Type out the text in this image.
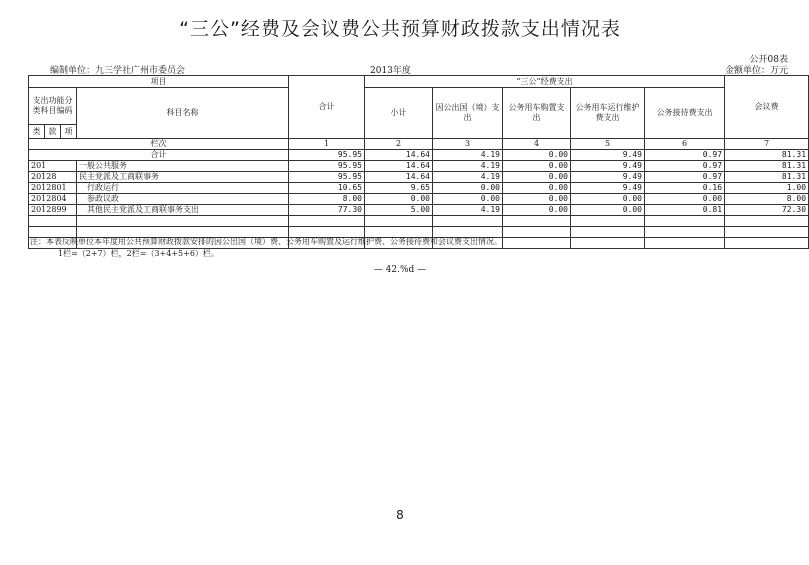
“三公”经费及会议费公共预算财政拨款支出情况表
公开08表
编制单位：九三学社广州市委员会	2013年度	金额单位：万元
项目				合计	“三公”经费支出					会议费
支出功能分类科目编码			科目名称		小计	因公出国（境）支出	公务用车购置支出	公务用车运行维护费支出	公务接待费支出	
类	款	项								
栏次				1	2	3	4	5	6	7
合计				95.95	14.64	4.19	0.00	9.49	0.97	81.31
201			一般公共服务	95.95	14.64	4.19	0.00	9.49	0.97	81.31
20128			民主党派及工商联事务	95.95	14.64	4.19	0.00	9.49	0.97	81.31
2012801			行政运行	10.65	9.65	0.00	0.00	9.49	0.16	1.00
2012804			参政议政	8.00	0.00	0.00	0.00	0.00	0.00	8.00
2012899			其他民主党派及工商联事务支出	77.30	5.00	4.19	0.00	0.00	0.81	72.30

注：本表反映单位本年度用公共预算财政拨款安排的因公出国（境）费、公务用车购置及运行维护费、公务接待费和会议费支出情况。
1栏=（2+7）栏，2栏=（3+4+5+6）栏。
— 42.%d —
8
